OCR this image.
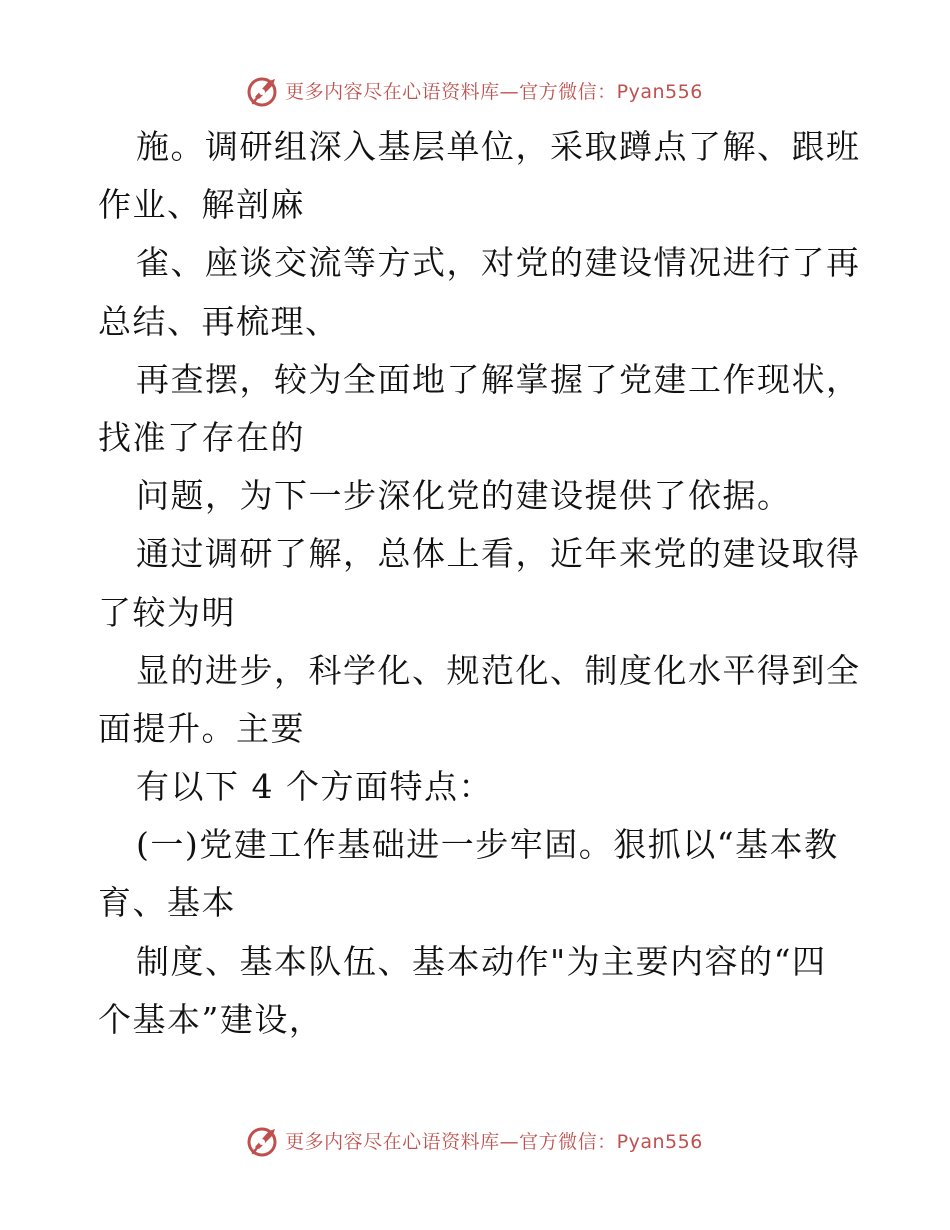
更多内容尽在心语资料库—官方微信：Pyan556
施。调研组深入基层单位，采取蹲点了解、跟班
作业、解剖麻
雀、座谈交流等方式，对党的建设情况进行了再
总结、再梳理、
再查摆，较为全面地了解掌握了党建工作现状，
找准了存在的
问题，为下一步深化党的建设提供了依据。
通过调研了解，总体上看，近年来党的建设取得
了较为明
显的进步，科学化、规范化、制度化水平得到全
面提升。主要
有以下 4 个方面特点：
(一)党建工作基础进一步牢固。狠抓以“基本教
育、基本
制度、基本队伍、基本动作"为主要内容的“四
个基本”建设，
更多内容尽在心语资料库—官方微信：Pyan556
